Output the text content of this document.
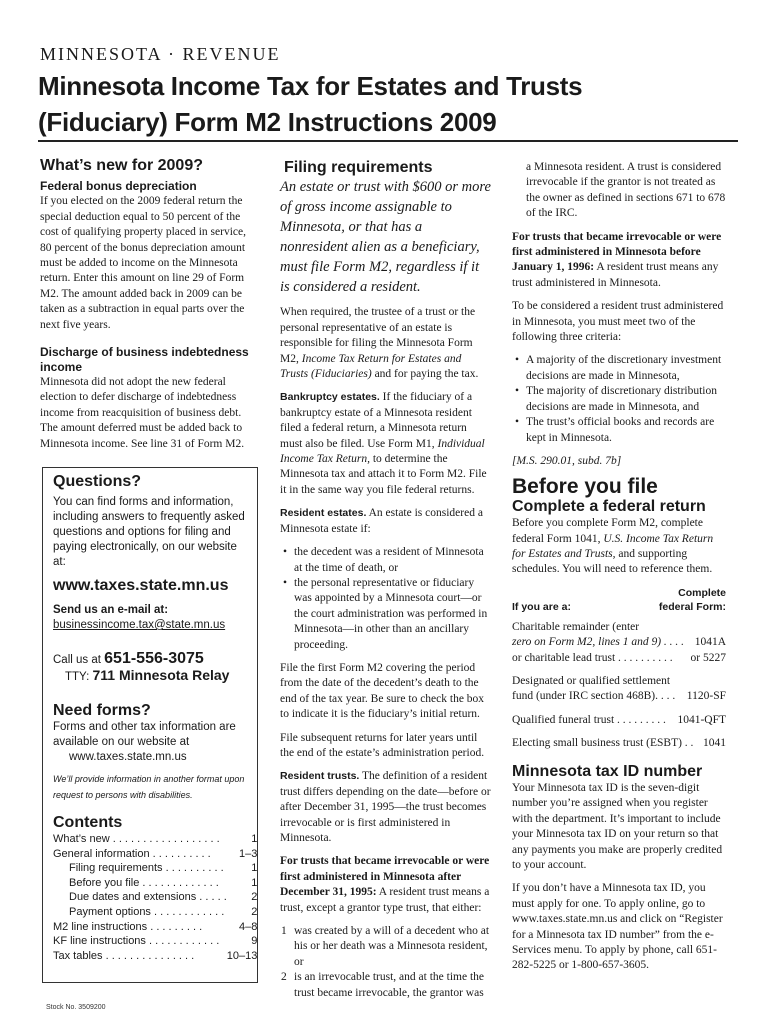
MINNESOTA · REVENUE
Minnesota Income Tax for Estates and Trusts
(Fiduciary) Form M2 Instructions 2009
What’s new for 2009?
Federal bonus depreciation

If you elected on the 2009 federal return the special deduction equal to 50 percent of the cost of qualifying property placed in service, 80 percent of the bonus depreciation amount must be added to income on the Minnesota return. Enter this amount on line 29 of Form M2. The amount added back in 2009 can be taken as a subtraction in equal parts over the next five years.

Discharge of business indebtedness income

Minnesota did not adopt the new federal election to defer discharge of indebtedness income from reacquisition of business debt. The amount deferred must be added back to Minnesota income. See line 31 of Form M2.

Questions?
You can find forms and information, including answers to frequently asked questions and options for filing and paying electronically, on our website at:
www.taxes.state.mn.us
Send us an e-mail at:
businessincome.tax@state.mn.us
Call us at 651-556-3075
TTY: 711 Minnesota Relay
Need forms?
Forms and other tax information are available on our website at
www.taxes.state.mn.us
We’ll provide information in another format upon request to persons with disabilities.
Contents
What’s new . . . . . . . . . . . . . . . . . .	1
General information . . . . . . . . . .	1–3
Filing requirements . . . . . . . . . .	1
Before you file . . . . . . . . . . . . .	1
Due dates and extensions . . . . .	2
Payment options . . . . . . . . . . . .	2
M2 line instructions . . . . . . . . .	4–8
KF line instructions . . . . . . . . . . . .	9
Tax tables . . . . . . . . . . . . . . .	10–13
Stock No. 3509200
Filing requirements

An estate or trust with $600 or more of gross income assignable to Minnesota, or that has a nonresident alien as a beneficiary, must file Form M2, regardless if it is considered a resident.

When required, the trustee of a trust or the personal representative of an estate is responsible for filing the Minnesota Form M2, Income Tax Return for Estates and Trusts (Fiduciaries) and for paying the tax.

Bankruptcy estates. If the fiduciary of a bankruptcy estate of a Minnesota resident filed a federal return, a Minnesota return must also be filed. Use Form M1, Individual Income Tax Return, to determine the Minnesota tax and attach it to Form M2. File it in the same way you file federal returns.

Resident estates. An estate is considered a Minnesota estate if:

• the decedent was a resident of Minnesota at the time of death, or
• the personal representative or fiduciary was appointed by a Minnesota court—or the court administration was performed in Minnesota—in other than an ancillary proceeding.

File the first Form M2 covering the period from the date of the decedent’s death to the end of the tax year. Be sure to check the box to indicate it is the fiduciary’s initial return.

File subsequent returns for later years until the end of the estate’s administration period.

Resident trusts. The definition of a resident trust differs depending on the date—before or after December 31, 1995—the trust becomes irrevocable or is first administered in Minnesota.

For trusts that became irrevocable or were first administered in Minnesota after December 31, 1995: A resident trust means a trust, except a grantor type trust, that either:

1 was created by a will of a decedent who at his or her death was a Minnesota resident, or
2 is an irrevocable trust, and at the time the trust became irrevocable, the grantor was

a Minnesota resident. A trust is considered irrevocable if the grantor is not treated as the owner as defined in sections 671 to 678 of the IRC.

For trusts that became irrevocable or were first administered in Minnesota before January 1, 1996: A resident trust means any trust administered in Minnesota.

To be considered a resident trust administered in Minnesota, you must meet two of the following three criteria:

• A majority of the discretionary investment decisions are made in Minnesota,
• The majority of discretionary distribution decisions are made in Minnesota, and
• The trust’s official books and records are kept in Minnesota.

[M.S. 290.01, subd. 7b]

Before you file
Complete a federal return

Before you complete Form M2, complete federal Form 1041, U.S. Income Tax Return for Estates and Trusts, and supporting schedules. You will need to reference them.

If you are a:
Complete
federal Form:
Charitable remainder (enter
zero on Form M2, lines 1 and 9) . . . . 1041A
or charitable lead trust . . . . . . . . . . or 5227
Designated or qualified settlement
fund (under IRC section 468B). . . . 1120-SF
Qualified funeral trust . . . . . . . . . 1041-QFT
Electing small business trust (ESBT) . . 1041
Minnesota tax ID number

Your Minnesota tax ID is the seven-digit number you’re assigned when you register with the department. It’s important to include your Minnesota tax ID on your return so that any payments you make are properly credited to your account.

If you don’t have a Minnesota tax ID, you must apply for one. To apply online, go to www.taxes.state.mn.us and click on “Register for a Minnesota tax ID number” from the e-Services menu. To apply by phone, call 651-282-5225 or 1-800-657-3605.
